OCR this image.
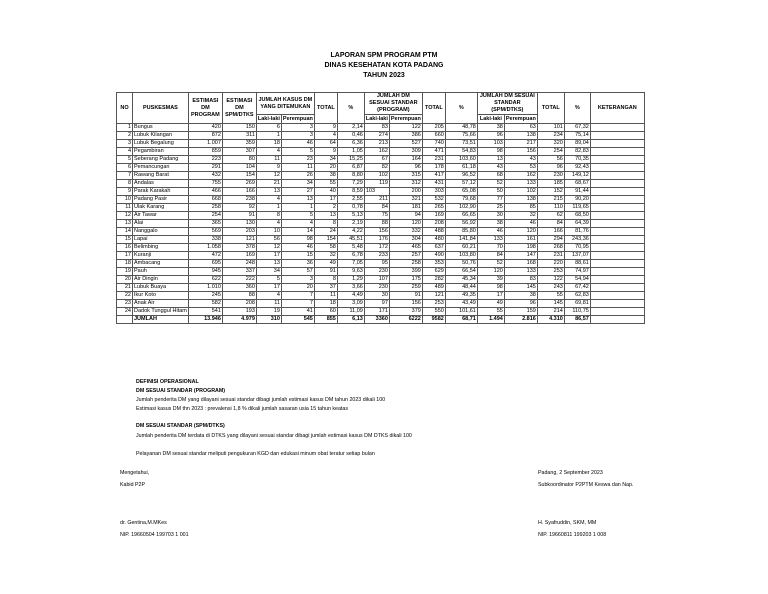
LAPORAN SPM PROGRAM PTM
DINAS KESEHATAN KOTA PADANG
TAHUN 2023
NO	PUSKESMAS	ESTIMASI DM PROGRAM	ESTIMASI DM SPM/DTKS	JUMLAH KASUS DM YANG DITEMUKAN		TOTAL	%	JUMLAH DM SESUAI STANDAR (PROGRAM)		TOTAL	%	JUMLAH DM SESUAI STANDAR (SPM/DTKS)		TOTAL	%	KETERANGAN

				Laki-laki	Perempuan			Laki-laki	Perempuan			Laki-laki	Perempuan			
1	Bungus	420	150	6	3	9	2,14	83	122	205	48,78	38	63	101	67,32	
2	Lubuk Kilangan	872	311	1	3	4	0,46	274	386	660	75,66	96	138	234	75,14	
3	Lubuk Begalung	1.007	359	18	46	64	6,36	213	527	740	73,51	103	217	320	89,04	
4	Pegambiran	859	307	4	5	9	1,05	162	309	471	54,83	98	156	254	82,83	
5	Seberang Padang	223	80	11	23	34	15,25	67	164	231	103,60	13	43	56	70,35	
6	Pemancungan	291	104	9	11	20	6,87	82	96	178	61,18	43	53	96	92,43	
7	Rawang Barat	432	154	12	26	38	8,80	102	315	417	96,52	68	162	230	149,12	
8	Andalas	755	269	21	34	55	7,29	119	312	431	57,12	52	133	185	68,67	
9	Parak Karakah	466	166	13	27	40	8,59	103	200	303	65,08	50	102	152	91,44	
10	Padang Pasir	668	238	4	13	17	2,55	211	321	532	79,68	77	138	215	90,20	
11	Ulak Karang	258	92	1	1	2	0,78	84	181	265	102,90	25	85	110	119,65	
12	Air Tawar	254	91	8	5	13	5,13	75	94	169	66,65	30	32	62	68,50	
13	Alai	365	130	4	4	8	2,19	88	120	208	56,92	38	46	84	64,39	
14	Nanggalo	569	203	10	14	24	4,22	156	332	488	85,80	46	120	166	81,76	
15	Lapai	338	121	56	98	154	45,51	176	304	480	141,84	133	161	294	243,36	
16	Belimbing	1.058	378	12	46	58	5,48	172	465	637	60,21	70	198	268	70,95	
17	Kuranji	472	169	17	15	32	6,78	233	257	490	103,80	84	147	231	137,07	
18	Ambacang	695	248	13	36	49	7,05	95	258	353	50,76	52	168	220	88,61	
19	Pauh	945	337	34	57	91	9,63	230	399	629	66,54	120	133	253	74,97	
20	Air Dingin	622	222	5	3	8	1,29	107	175	282	45,34	39	83	122	54,94	
21	Lubuk Buaya	1.010	360	17	20	37	3,66	230	259	489	48,44	98	145	243	67,42	
22	Ikur Koto	245	88	4	7	11	4,49	30	91	121	49,35	17	38	55	62,83	
23	Anak Air	582	208	11	7	18	3,09	97	156	253	43,49	49	96	145	69,81	
24	Dadok Tunggul Hitam	541	193	19	41	60	11,09	171	379	550	101,61	55	159	214	110,75	
	JUMLAH	13.946	4.979	310	545	855	6,13	3360	6222	9582	68,71	1.494	2.816	4.310	86,57	
DEFINISI OPERASIONAL
DM SESUAI STANDAR (PROGRAM)
Jumlah penderita DM yang dilayani sesuai standar dibagi jumlah estimasi kasus DM tahun 2023 dikali 100
Estimasi kasus DM thn 2023 : prevalensi 1,8 % dikali jumlah sasaran usia 15 tahun keatas
DM SESUAI STANDAR (SPM/DTKS)
Jumlah penderita DM terdata di DTKS yang dilayani sesuai standar dibagi jumlah estimasi kasus DM DTKS dikali 100
Pelayanan DM sesuai standar meliputi pengukuran KGD dan edukasi minum obat teratur setiap bulan
Mengetahui,
Kabid P2P
dr. Gentina,M.MKes
NIP. 19660504 199703 1 001
Padang, 2 September 2023
Subkoordinator P2PTM Keswa dan Nap.
H. Syafruddin, SKM, MM
NIP. 19660811 199203 1 008
